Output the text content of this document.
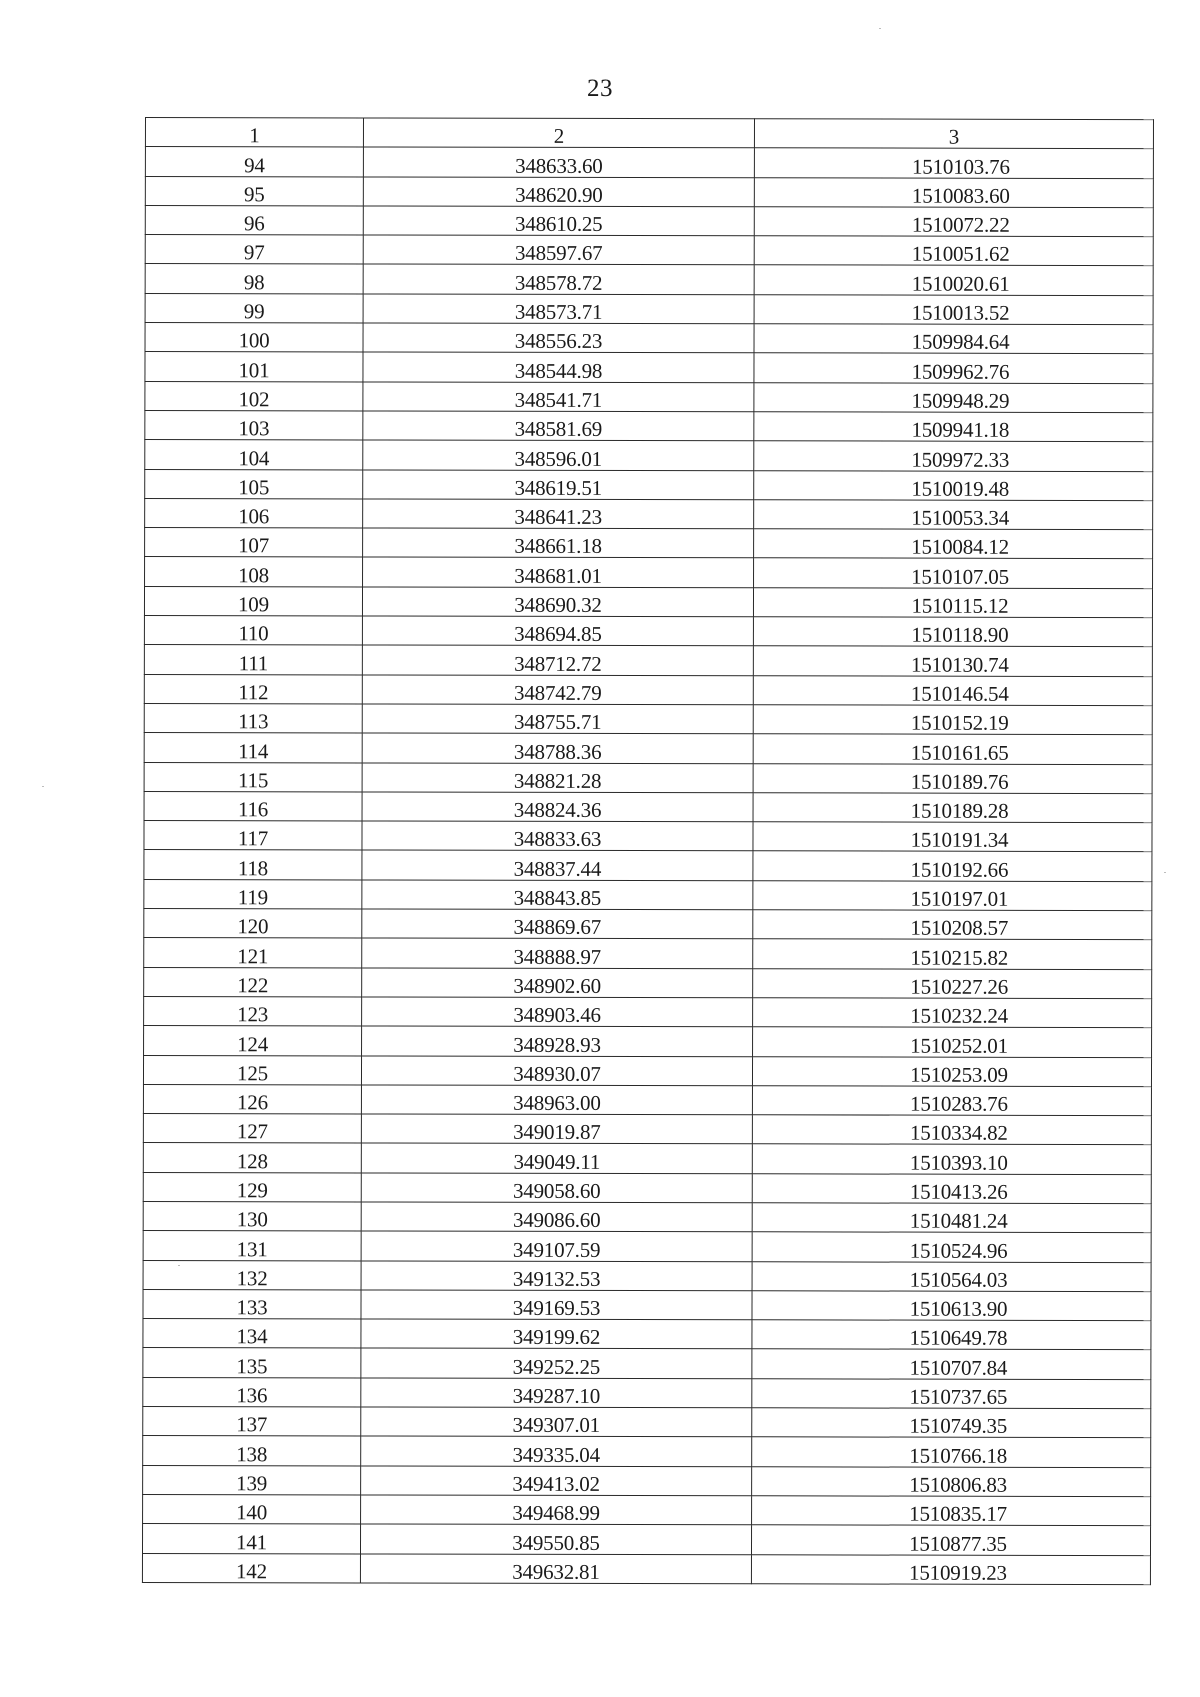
23
1	2	3
94	348633.60	1510103.76
95	348620.90	1510083.60
96	348610.25	1510072.22
97	348597.67	1510051.62
98	348578.72	1510020.61
99	348573.71	1510013.52
100	348556.23	1509984.64
101	348544.98	1509962.76
102	348541.71	1509948.29
103	348581.69	1509941.18
104	348596.01	1509972.33
105	348619.51	1510019.48
106	348641.23	1510053.34
107	348661.18	1510084.12
108	348681.01	1510107.05
109	348690.32	1510115.12
110	348694.85	1510118.90
111	348712.72	1510130.74
112	348742.79	1510146.54
113	348755.71	1510152.19
114	348788.36	1510161.65
115	348821.28	1510189.76
116	348824.36	1510189.28
117	348833.63	1510191.34
118	348837.44	1510192.66
119	348843.85	1510197.01
120	348869.67	1510208.57
121	348888.97	1510215.82
122	348902.60	1510227.26
123	348903.46	1510232.24
124	348928.93	1510252.01
125	348930.07	1510253.09
126	348963.00	1510283.76
127	349019.87	1510334.82
128	349049.11	1510393.10
129	349058.60	1510413.26
130	349086.60	1510481.24
131	349107.59	1510524.96
132	349132.53	1510564.03
133	349169.53	1510613.90
134	349199.62	1510649.78
135	349252.25	1510707.84
136	349287.10	1510737.65
137	349307.01	1510749.35
138	349335.04	1510766.18
139	349413.02	1510806.83
140	349468.99	1510835.17
141	349550.85	1510877.35
142	349632.81	1510919.23
